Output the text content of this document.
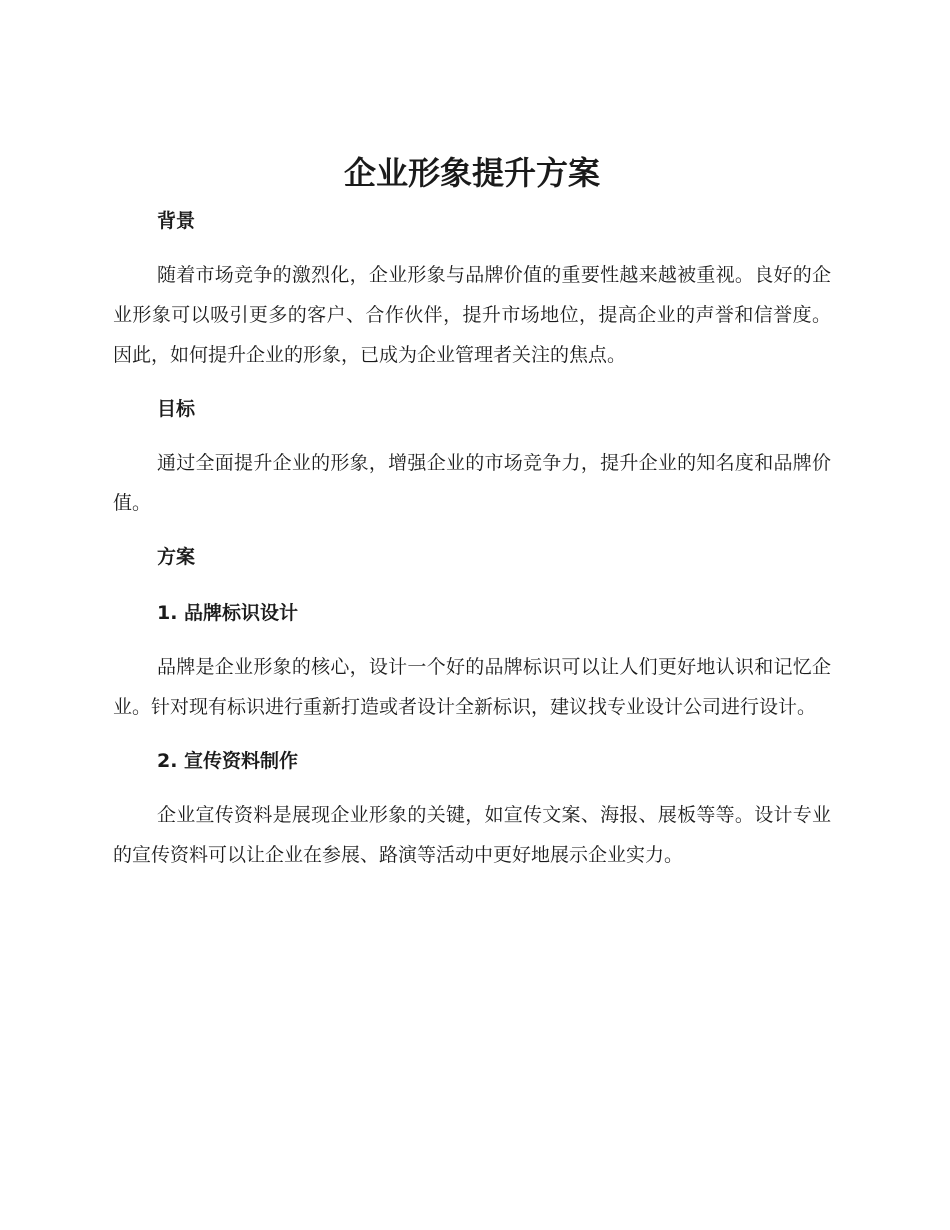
企业形象提升方案
背景

随着市场竞争的激烈化，企业形象与品牌价值的重要性越来越被重视。良好的企业形象可以吸引更多的客户、合作伙伴，提升市场地位，提高企业的声誉和信誉度。因此，如何提升企业的形象，已成为企业管理者关注的焦点。

目标

通过全面提升企业的形象，增强企业的市场竞争力，提升企业的知名度和品牌价值。

方案
1. 品牌标识设计

品牌是企业形象的核心，设计一个好的品牌标识可以让人们更好地认识和记忆企业。针对现有标识进行重新打造或者设计全新标识，建议找专业设计公司进行设计。

2. 宣传资料制作

企业宣传资料是展现企业形象的关键，如宣传文案、海报、展板等等。设计专业的宣传资料可以让企业在参展、路演等活动中更好地展示企业实力。
